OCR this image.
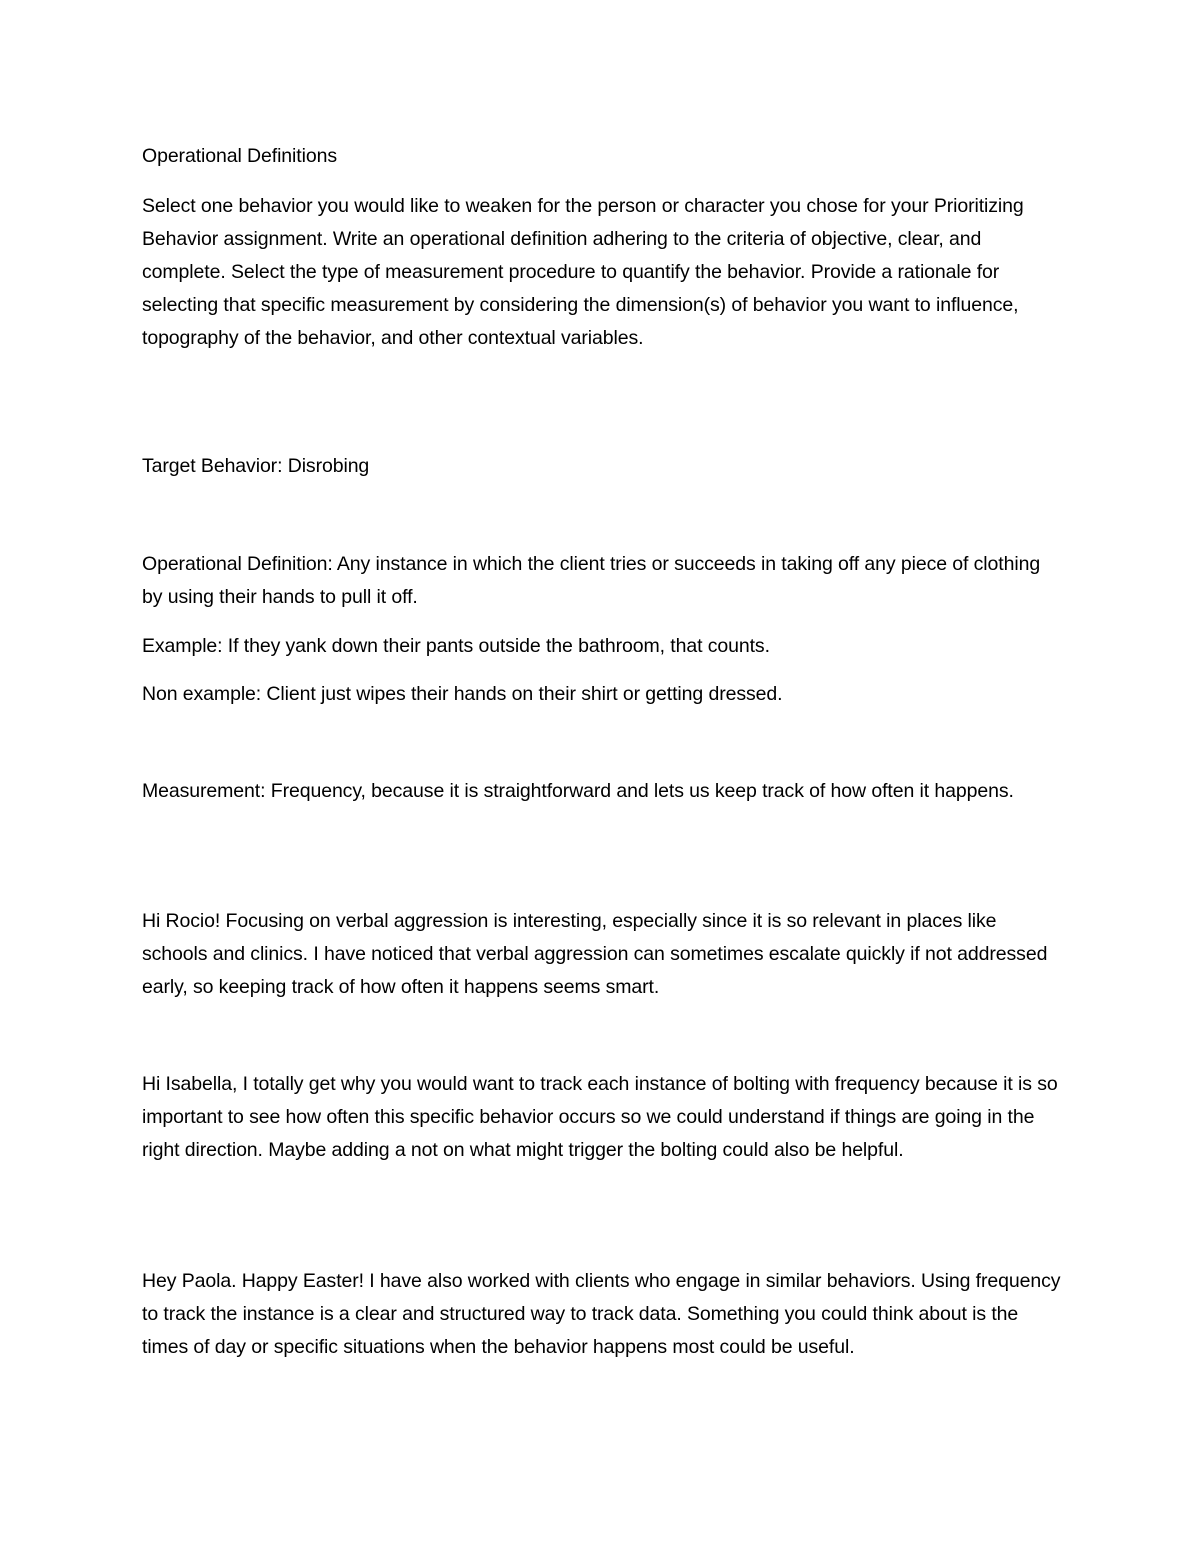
Operational Definitions

Select one behavior you would like to weaken for the person or character you chose for your Prioritizing Behavior assignment. Write an operational definition adhering to the criteria of objective, clear, and complete. Select the type of measurement procedure to quantify the behavior. Provide a rationale for selecting that specific measurement by considering the dimension(s) of behavior you want to influence, topography of the behavior, and other contextual variables.

Target Behavior: Disrobing

Operational Definition: Any instance in which the client tries or succeeds in taking off any piece of clothing by using their hands to pull it off.

Example: If they yank down their pants outside the bathroom, that counts.

Non example: Client just wipes their hands on their shirt or getting dressed.

Measurement: Frequency, because it is straightforward and lets us keep track of how often it happens.

Hi Rocio! Focusing on verbal aggression is interesting, especially since it is so relevant in places like schools and clinics. I have noticed that verbal aggression can sometimes escalate quickly if not addressed early, so keeping track of how often it happens seems smart.

Hi Isabella, I totally get why you would want to track each instance of bolting with frequency because it is so important to see how often this specific behavior occurs so we could understand if things are going in the right direction. Maybe adding a not on what might trigger the bolting could also be helpful.

Hey Paola. Happy Easter! I have also worked with clients who engage in similar behaviors. Using frequency to track the instance is a clear and structured way to track data. Something you could think about is the times of day or specific situations when the behavior happens most could be useful.
